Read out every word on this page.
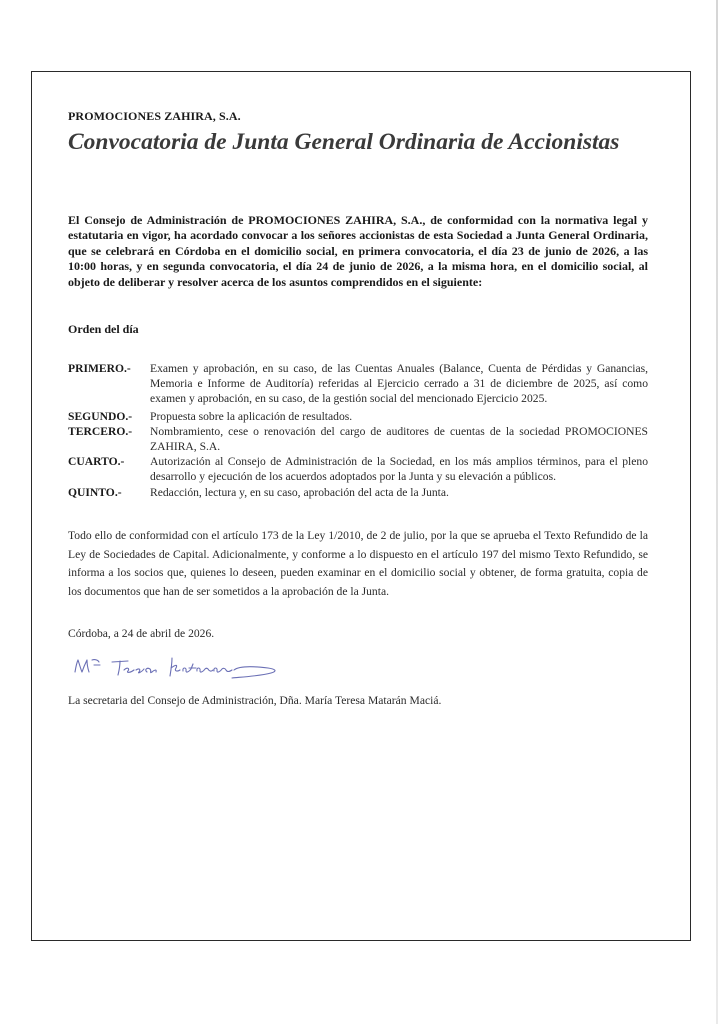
PROMOCIONES ZAHIRA, S.A.
Convocatoria de Junta General Ordinaria de Accionistas
El Consejo de Administración de PROMOCIONES ZAHIRA, S.A., de conformidad con la normativa legal y estatutaria en vigor, ha acordado convocar a los señores accionistas de esta Sociedad a Junta General Ordinaria, que se celebrará en Córdoba en el domicilio social, en primera convocatoria, el día 23 de junio de 2026, a las 10:00 horas, y en segunda convocatoria, el día 24 de junio de 2026, a la misma hora, en el domicilio social, al objeto de deliberar y resolver acerca de los asuntos comprendidos en el siguiente:
Orden del día
PRIMERO.-	Examen y aprobación, en su caso, de las Cuentas Anuales (Balance, Cuenta de Pérdidas y Ganancias, Memoria e Informe de Auditoría) referidas al Ejercicio cerrado a 31 de diciembre de 2025, así como examen y aprobación, en su caso, de la gestión social del mencionado Ejercicio 2025.
SEGUNDO.-	Propuesta sobre la aplicación de resultados.
TERCERO.-	Nombramiento, cese o renovación del cargo de auditores de cuentas de la sociedad PROMOCIONES ZAHIRA, S.A.
CUARTO.-	Autorización al Consejo de Administración de la Sociedad, en los más amplios términos, para el pleno desarrollo y ejecución de los acuerdos adoptados por la Junta y su elevación a públicos.
QUINTO.-	Redacción, lectura y, en su caso, aprobación del acta de la Junta.
Todo ello de conformidad con el artículo 173 de la Ley 1/2010, de 2 de julio, por la que se aprueba el Texto Refundido de la Ley de Sociedades de Capital. Adicionalmente, y conforme a lo dispuesto en el artículo 197 del mismo Texto Refundido, se informa a los socios que, quienes lo deseen, pueden examinar en el domicilio social y obtener, de forma gratuita, copia de los documentos que han de ser sometidos a la aprobación de la Junta.
Córdoba, a 24 de abril de 2026.
La secretaria del Consejo de Administración, Dña. María Teresa Matarán Maciá.
